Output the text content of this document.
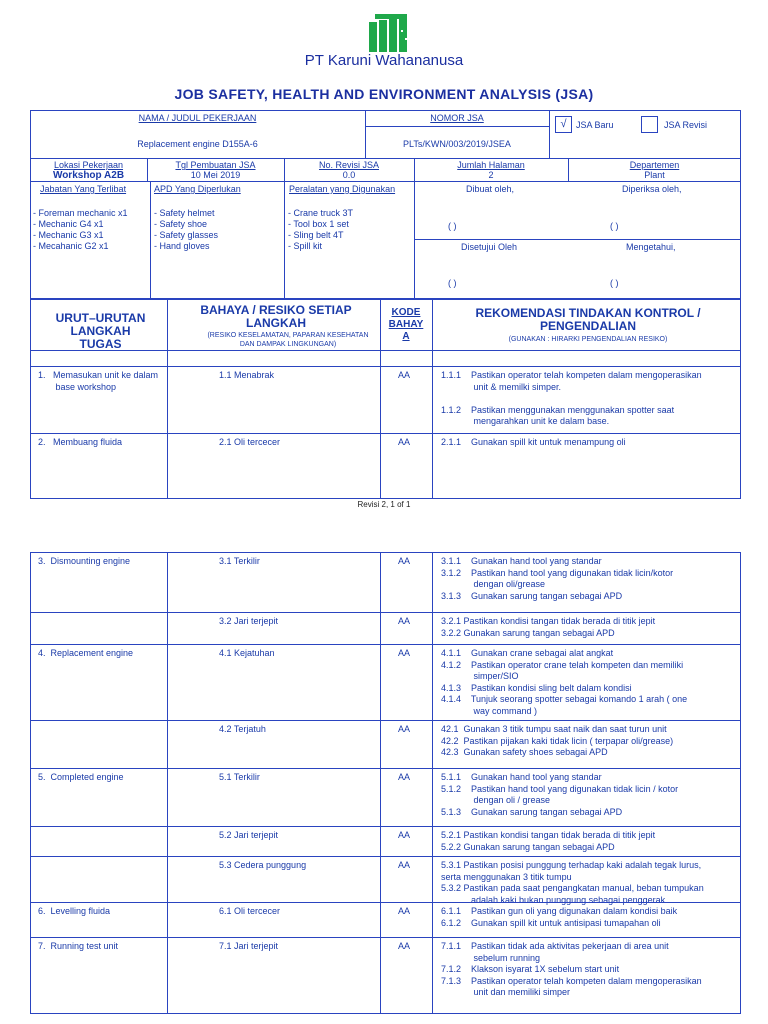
PT Karuni Wahananusa
JOB SAFETY, HEALTH AND ENVIRONMENT ANALYSIS (JSA)
NAMA / JUDUL PEKERJAAN
Replacement engine D155A-6
NOMOR JSA
PLTs/KWN/003/2019/JSEA
√	JSA Baru	JSA Revisi
Lokasi Pekerjaan
Workshop A2B
Tgl Pembuatan JSA
10 Mei 2019
No. Revisi JSA
0.0
Jumlah Halaman
2
Departemen
Plant
Jabatan Yang Terlibat
- Foreman mechanic x1
- Mechanic G4 x1
- Mechanic G3 x1
- Mecahanic G2 x1
APD Yang Diperlukan
- Safety helmet
- Safety shoe
- Safety glasses
- Hand gloves
Peralatan yang Digunakan
- Crane truck 3T
- Tool box 1 set
- Sling belt 4T
- Spill kit
Dibuat oleh,	Diperiksa oleh,
( )	( )
Disetujui Oleh	Mengetahui,
( )	( )
URUT–URUTAN LANGKAH TUGAS
BAHAYA / RESIKO SETIAP LANGKAH
(RESIKO KESELAMATAN, PAPARAN KESEHATAN DAN DAMPAK LINGKUNGAN)
KODE BAHAY A
REKOMENDASI TINDAKAN KONTROL / PENGENDALIAN
(GUNAKAN : HIRARKI PENGENDALIAN RESIKO)
1.   Memasukan unit ke dalam
base workshop
1.1 Menabrak	AA	1.1.1    Pastikan operator telah kompeten dalam mengoperasikan
unit & memilki simper.

1.1.2    Pastikan menggunakan menggunakan spotter saat
mengarahkan unit ke dalam base.
2.   Membuang fluida	2.1 Oli tercecer	AA	2.1.1    Gunakan spill kit untuk menampung oli
Revisi 2, 1 of 1
3.  Dismounting engine	3.1 Terkilir	AA	3.1.1    Gunakan hand tool yang standar
3.1.2    Pastikan hand tool yang digunakan tidak licin/kotor
dengan oli/grease
3.1.3    Gunakan sarung tangan sebagai APD
3.2 Jari terjepit	AA	3.2.1 Pastikan kondisi tangan tidak berada di titik jepit
3.2.2 Gunakan sarung tangan sebagai APD
4.  Replacement engine	4.1 Kejatuhan	AA	4.1.1    Gunakan crane sebagai alat angkat
4.1.2    Pastikan operator crane telah kompeten dan memiliki
simper/SIO
4.1.3    Pastikan kondisi sling belt dalam kondisi
4.1.4    Tunjuk seorang spotter sebagai komando 1 arah ( one
way command )
4.2 Terjatuh	AA	42.1  Gunakan 3 titik tumpu saat naik dan saat turun unit
42.2  Pastikan pijakan kaki tidak licin ( terpapar oli/grease)
42.3  Gunakan safety shoes sebagai APD
5.  Completed engine	5.1 Terkilir	AA	5.1.1    Gunakan hand tool yang standar
5.1.2    Pastikan hand tool yang digunakan tidak licin / kotor
dengan oli / grease
5.1.3    Gunakan sarung tangan sebagai APD
5.2 Jari terjepit	AA	5.2.1 Pastikan kondisi tangan tidak berada di titik jepit
5.2.2 Gunakan sarung tangan sebagai APD
5.3 Cedera punggung	AA	5.3.1 Pastikan posisi punggung terhadap kaki adalah tegak lurus,
serta menggunakan 3 titik tumpu
5.3.2 Pastikan pada saat pengangkatan manual, beban tumpukan
adalah kaki bukan punggung sebagai penggerak.
6.  Levelling fluida	6.1 Oli tercecer	AA	6.1.1    Pastikan gun oli yang digunakan dalam kondisi baik
6.1.2    Gunakan spill kit untuk antisipasi tumapahan oli
7.  Running test unit	7.1 Jari terjepit	AA	7.1.1    Pastikan tidak ada aktivitas pekerjaan di area unit
sebelum running
7.1.2    Klakson isyarat 1X sebelum start unit
7.1.3    Pastikan operator telah kompeten dalam mengoperasikan
unit dan memiliki simper
